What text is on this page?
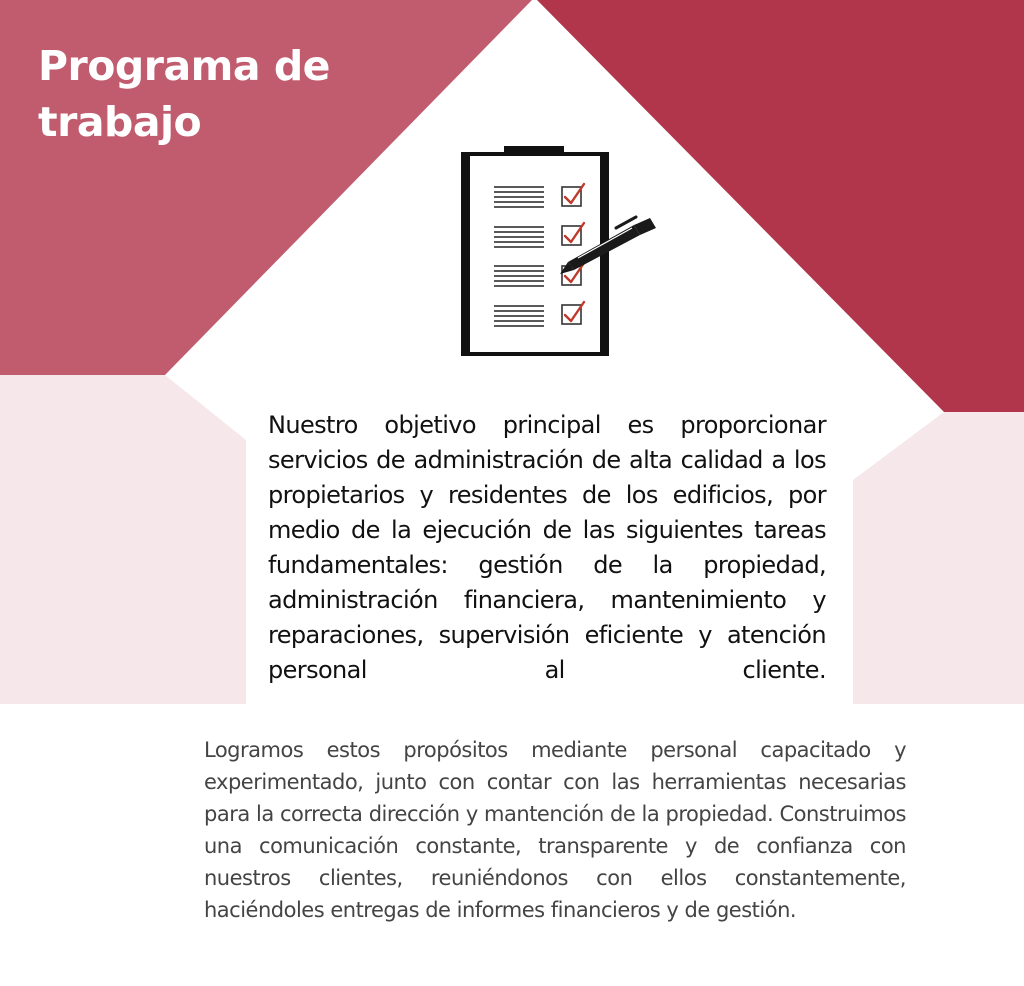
Programa de trabajo

Nuestro objetivo principal es proporcionar servicios de administración de alta calidad a los propietarios y residentes de los edificios, por medio de la ejecución de las siguientes tareas fundamentales: gestión de la propiedad, administración financiera, mantenimiento y reparaciones, supervisión eficiente y atención personal al cliente.

Logramos estos propósitos mediante personal capacitado y experimentado, junto con contar con las herramientas necesarias para la correcta dirección y mantención de la propiedad. Construimos una comunicación constante, transparente y de confianza con nuestros clientes, reuniéndonos con ellos constantemente, haciéndoles entregas de informes financieros y de gestión.
